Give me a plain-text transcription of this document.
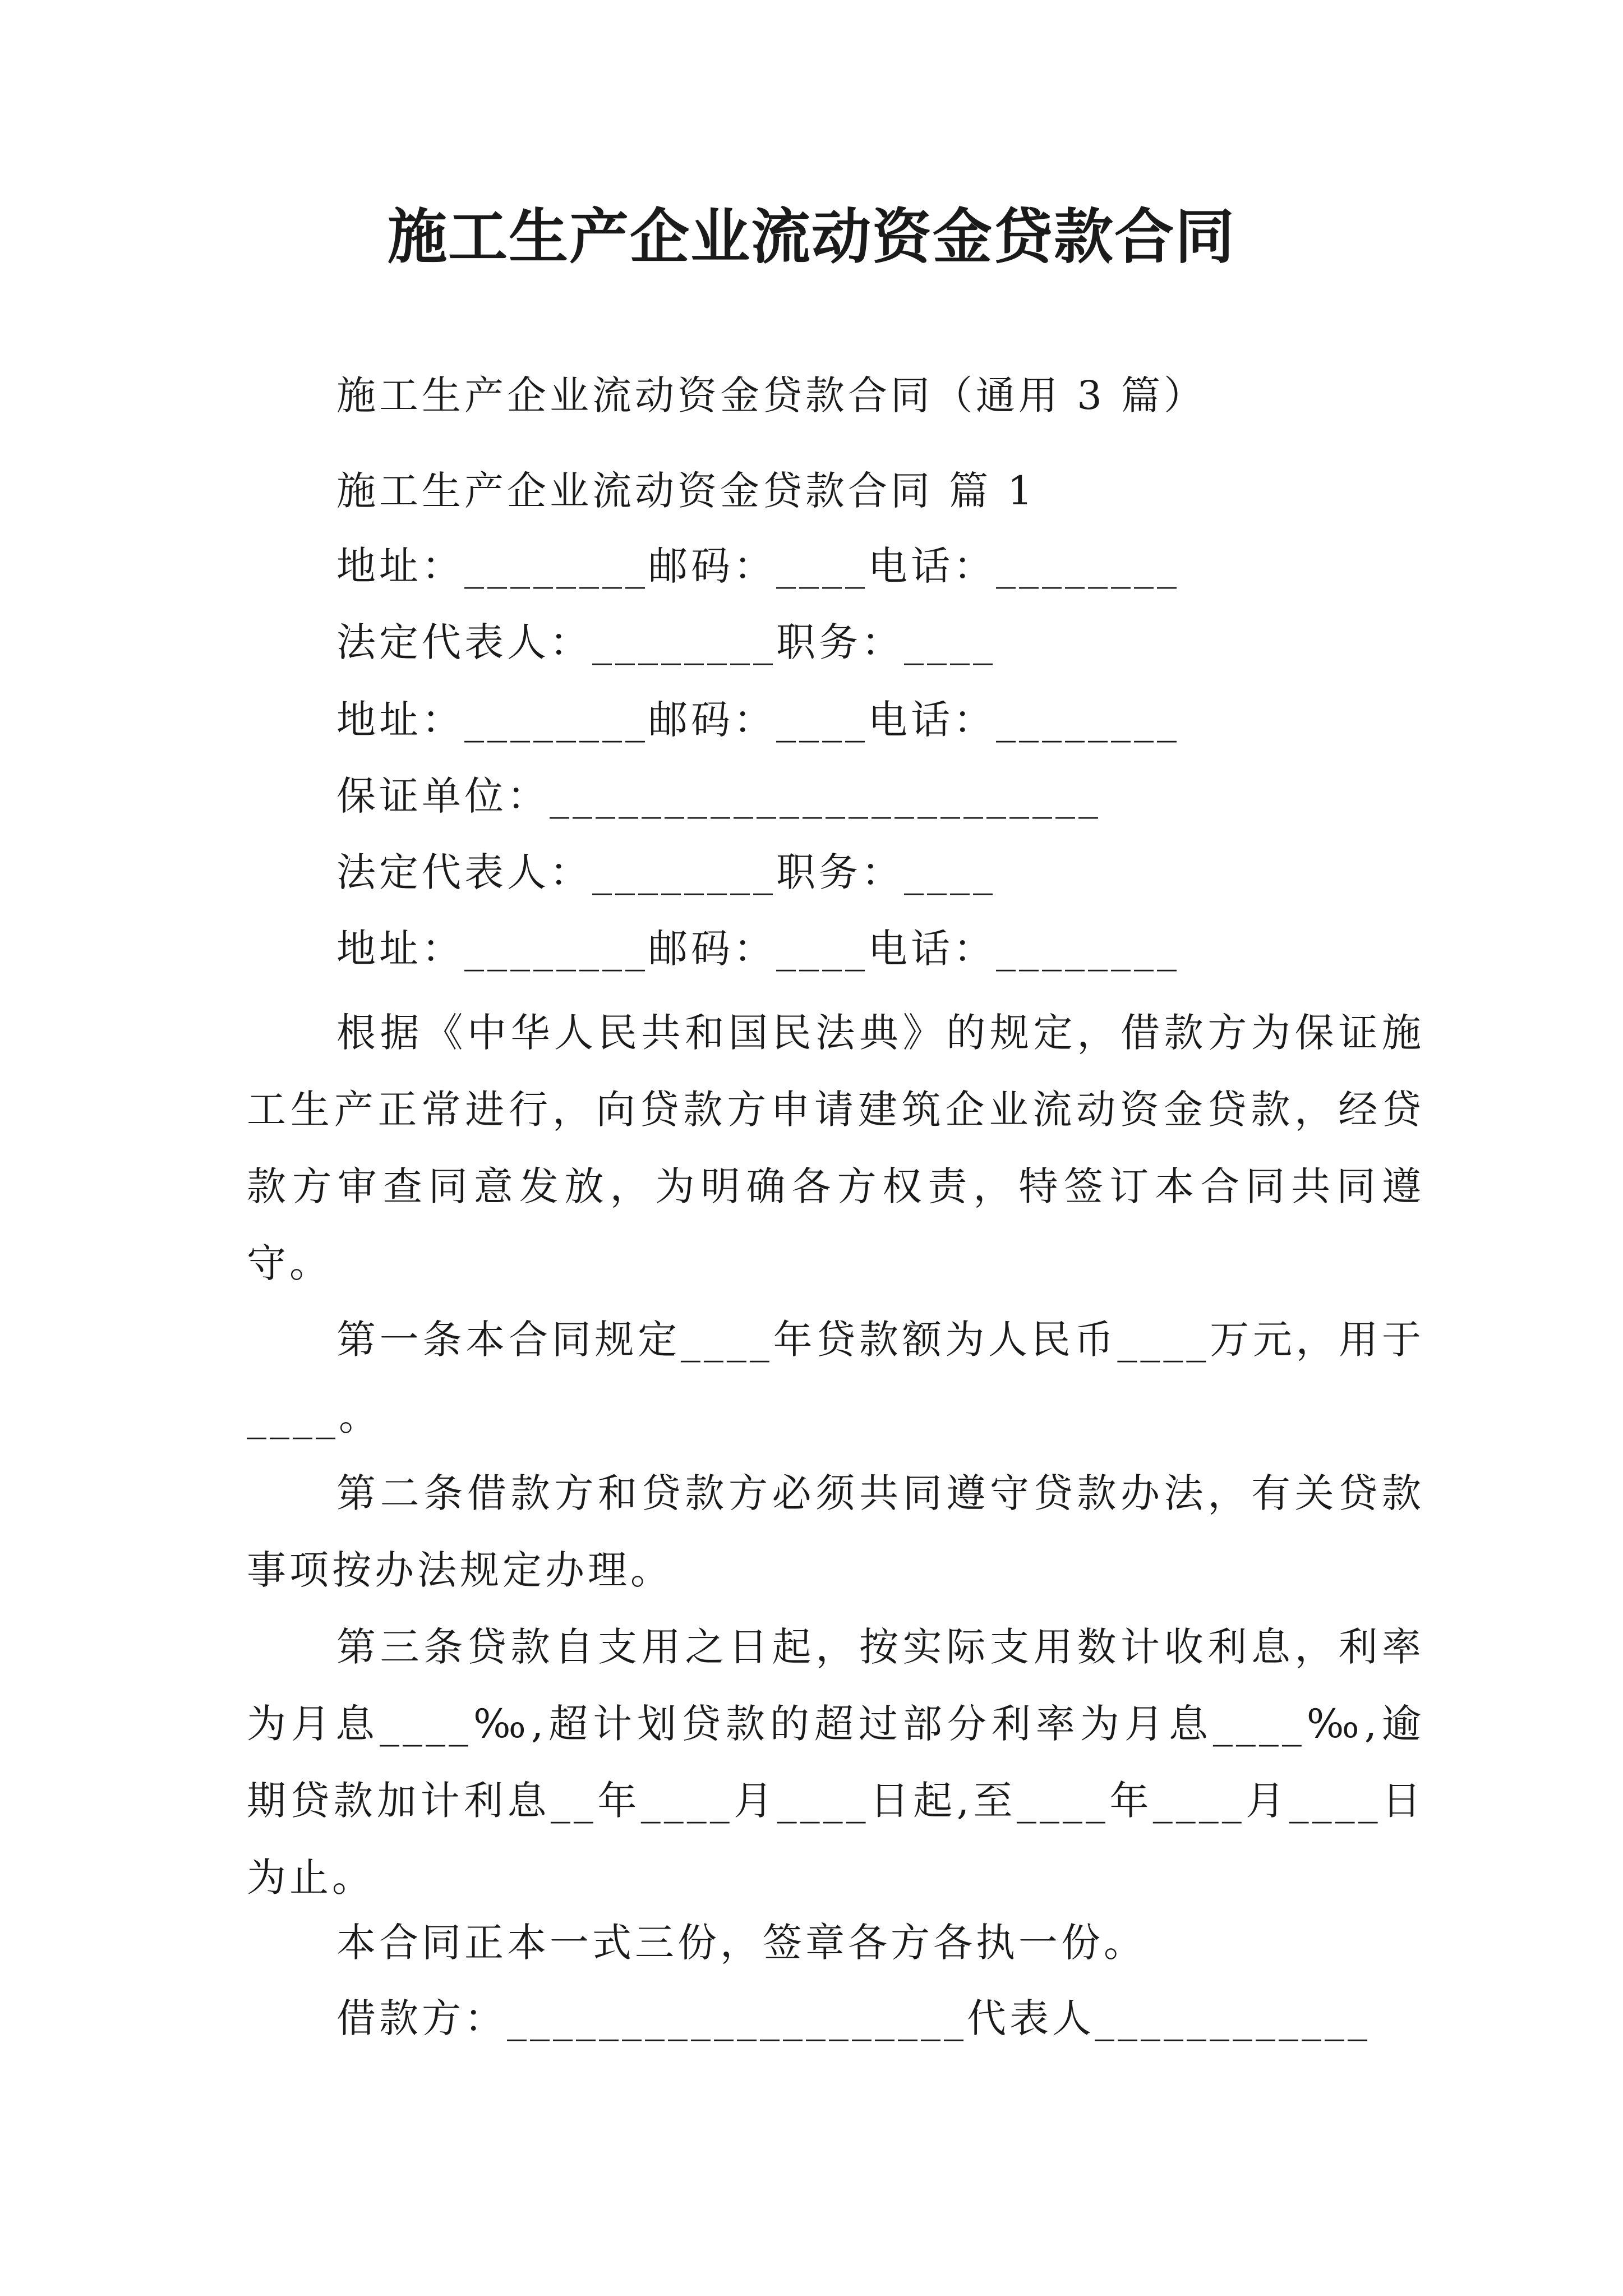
施工生产企业流动资金贷款合同
施工生产企业流动资金贷款合同（通用 3 篇）
施工生产企业流动资金贷款合同 篇 1
地址：________邮码：____电话：________
法定代表人：________职务：____
地址：________邮码：____电话：________
保证单位：________________________
法定代表人：________职务：____
地址：________邮码：____电话：________

根据《中华人民共和国民法典》的规定，借款方为保证施工生产正常进行，向贷款方申请建筑企业流动资金贷款，经贷款方审查同意发放，为明确各方权责，特签订本合同共同遵守。

第一条本合同规定____年贷款额为人民币____万元，用于____。

第二条借款方和贷款方必须共同遵守贷款办法，有关贷款事项按办法规定办理。

第三条贷款自支用之日起，按实际支用数计收利息，利率为月息____‰,超计划贷款的超过部分利率为月息____‰,逾期贷款加计利息__年____月____日起,至____年____月____日为止。

本合同正本一式三份，签章各方各执一份。
借款方：____________________代表人____________
